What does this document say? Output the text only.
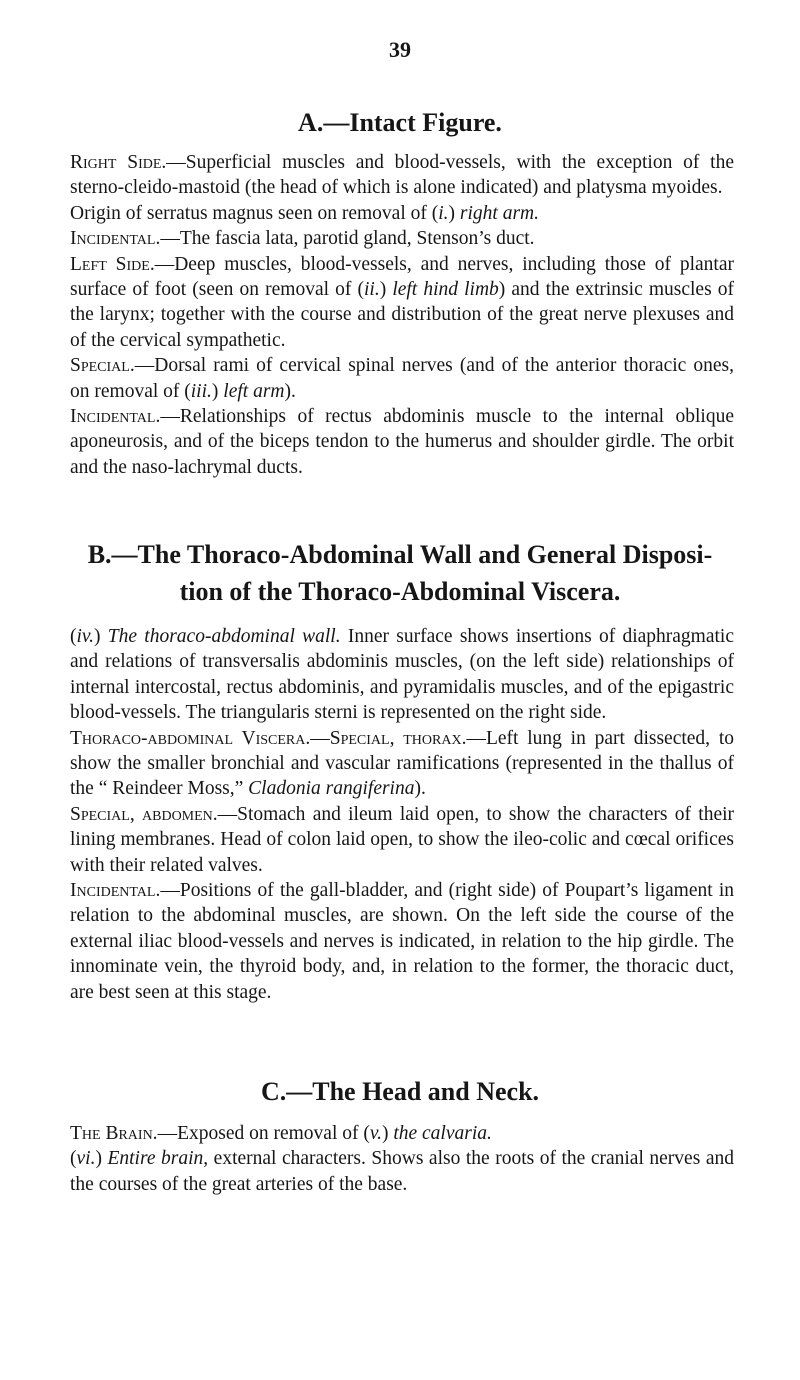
39
A.—Intact Figure.

Right Side.—Superficial muscles and blood-vessels, with the exception of the sterno-cleido-mastoid (the head of which is alone indicated) and platysma myoides.

Origin of serratus magnus seen on removal of (i.) right arm.

Incidental.—The fascia lata, parotid gland, Stenson’s duct.

Left Side.—Deep muscles, blood-vessels, and nerves, including those of plantar surface of foot (seen on removal of (ii.) left hind limb) and the extrinsic muscles of the larynx; together with the course and distribution of the great nerve plexuses and of the cervical sympathetic.

Special.—Dorsal rami of cervical spinal nerves (and of the anterior thoracic ones, on removal of (iii.) left arm).

Incidental.—Relationships of rectus abdominis muscle to the internal oblique aponeurosis, and of the biceps tendon to the humerus and shoulder girdle. The orbit and the naso-lachrymal ducts.

B.—The Thoraco-Abdominal Wall and General Disposi-
tion of the Thoraco-Abdominal Viscera.

(iv.) The thoraco-abdominal wall. Inner surface shows insertions of diaphragmatic and relations of transversalis abdominis muscles, (on the left side) relationships of internal intercostal, rectus abdominis, and pyramidalis muscles, and of the epigastric blood-vessels. The triangularis sterni is represented on the right side.

Thoraco-abdominal Viscera.—Special, thorax.—Left lung in part dissected, to show the smaller bronchial and vascular ramifications (represented in the thallus of the “ Reindeer Moss,” Cladonia rangiferina).

Special, abdomen.—Stomach and ileum laid open, to show the characters of their lining membranes. Head of colon laid open, to show the ileo-colic and cœcal orifices with their related valves.

Incidental.—Positions of the gall-bladder, and (right side) of Poupart’s ligament in relation to the abdominal muscles, are shown. On the left side the course of the external iliac blood-vessels and nerves is indicated, in relation to the hip girdle. The innominate vein, the thyroid body, and, in relation to the former, the thoracic duct, are best seen at this stage.

C.—The Head and Neck.

The Brain.—Exposed on removal of (v.) the calvaria.

(vi.) Entire brain, external characters. Shows also the roots of the cranial nerves and the courses of the great arteries of the base.
